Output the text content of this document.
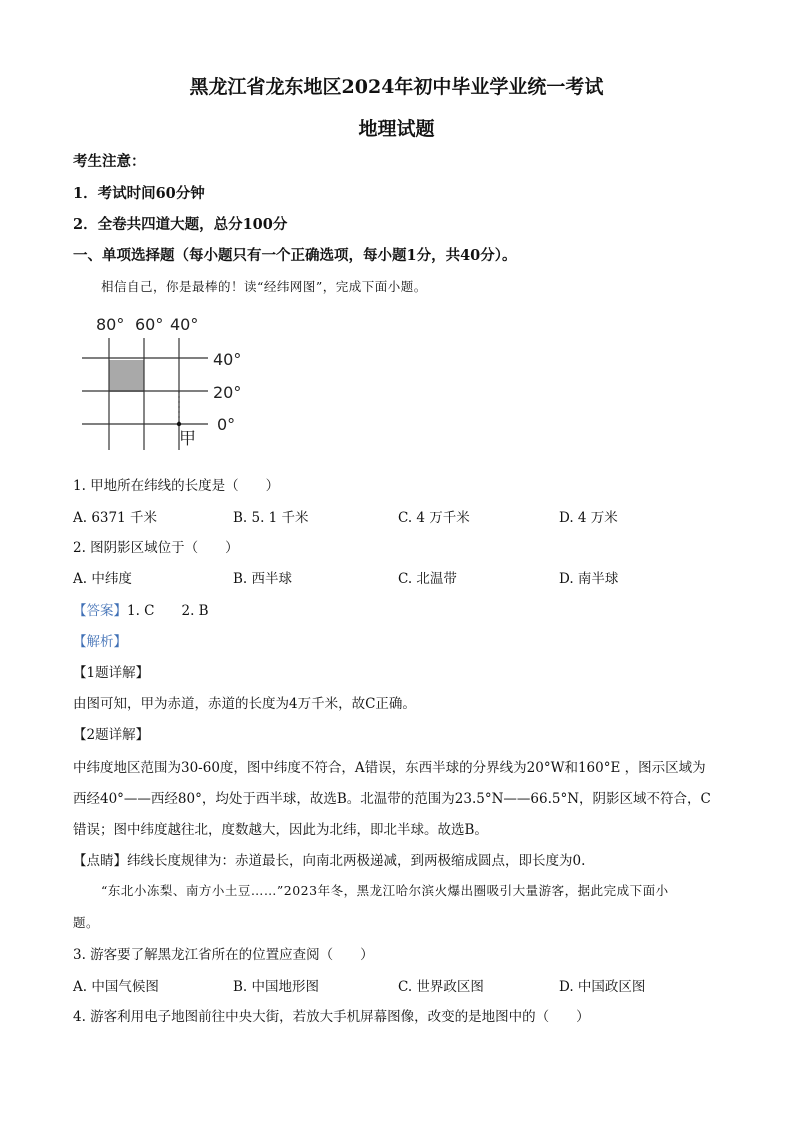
黑龙江省龙东地区2024年初中毕业学业统一考试
地理试题
考生注意：
1．考试时间60分钟
2．全卷共四道大题，总分100分
一、单项选择题（每小题只有一个正确选项，每小题1分，共40分）。
相信自己，你是最棒的！读“经纬网图”，完成下面小题。
80° 60° 40°
40°
20°
0°
甲
1. 甲地所在纬线的长度是（　　）
A. 6371 千米	B. 5. 1 千米	C. 4 万千米	D. 4 万米
2. 图阴影区域位于（　　）
A. 中纬度	B. 西半球	C. 北温带	D. 南半球
【答案】1. C　　2. B
【解析】
【1题详解】
由图可知，甲为赤道，赤道的长度为4万千米，故C正确。
【2题详解】
中纬度地区范围为30-60度，图中纬度不符合，A错误，东西半球的分界线为20°W和160°E ，图示区域为
西经40°——西经80°，均处于西半球，故选B。北温带的范围为23.5°N——66.5°N，阴影区域不符合，C
错误；图中纬度越往北，度数越大，因此为北纬，即北半球。故选B。
【点睛】纬线长度规律为：赤道最长，向南北两极递减，到两极缩成圆点，即长度为0.
“东北小冻梨、南方小土豆……”2023年冬，黑龙江哈尔滨火爆出圈吸引大量游客，据此完成下面小
题。
3. 游客要了解黑龙江省所在的位置应查阅（　　）
A. 中国气候图	B. 中国地形图	C. 世界政区图	D. 中国政区图
4. 游客利用电子地图前往中央大街，若放大手机屏幕图像，改变的是地图中的（　　）
